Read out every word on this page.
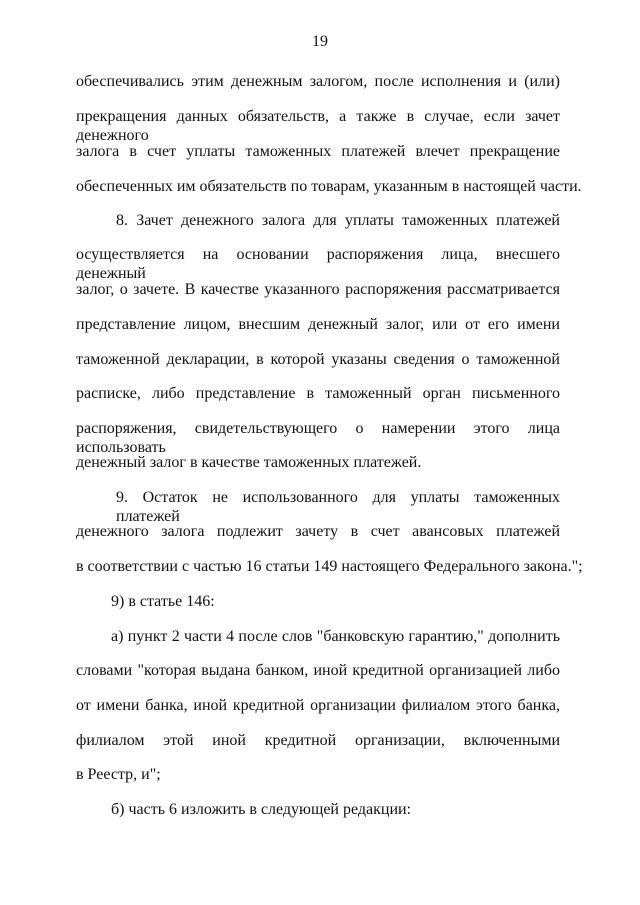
19
обеспечивались этим денежным залогом, после исполнения и (или)
прекращения данных обязательств, а также в случае, если зачет денежного
залога в счет уплаты таможенных платежей влечет прекращение
обеспеченных им обязательств по товарам, указанным в настоящей части.
8. Зачет денежного залога для уплаты таможенных платежей
осуществляется на основании распоряжения лица, внесшего денежный
залог, о зачете. В качестве указанного распоряжения рассматривается
представление лицом, внесшим денежный залог, или от его имени
таможенной декларации, в которой указаны сведения о таможенной
расписке, либо представление в таможенный орган письменного
распоряжения, свидетельствующего о намерении этого лица использовать
денежный залог в качестве таможенных платежей.
9. Остаток не использованного для уплаты таможенных платежей
денежного залога подлежит зачету в счет авансовых платежей
в соответствии с частью 16 статьи 149 настоящего Федерального закона.";
9) в статье 146:
а) пункт 2 части 4 после слов "банковскую гарантию," дополнить
словами "которая выдана банком, иной кредитной организацией либо
от имени банка, иной кредитной организации филиалом этого банка,
филиалом этой иной кредитной организации, включенными
в Реестр, и";
б) часть 6 изложить в следующей редакции:
